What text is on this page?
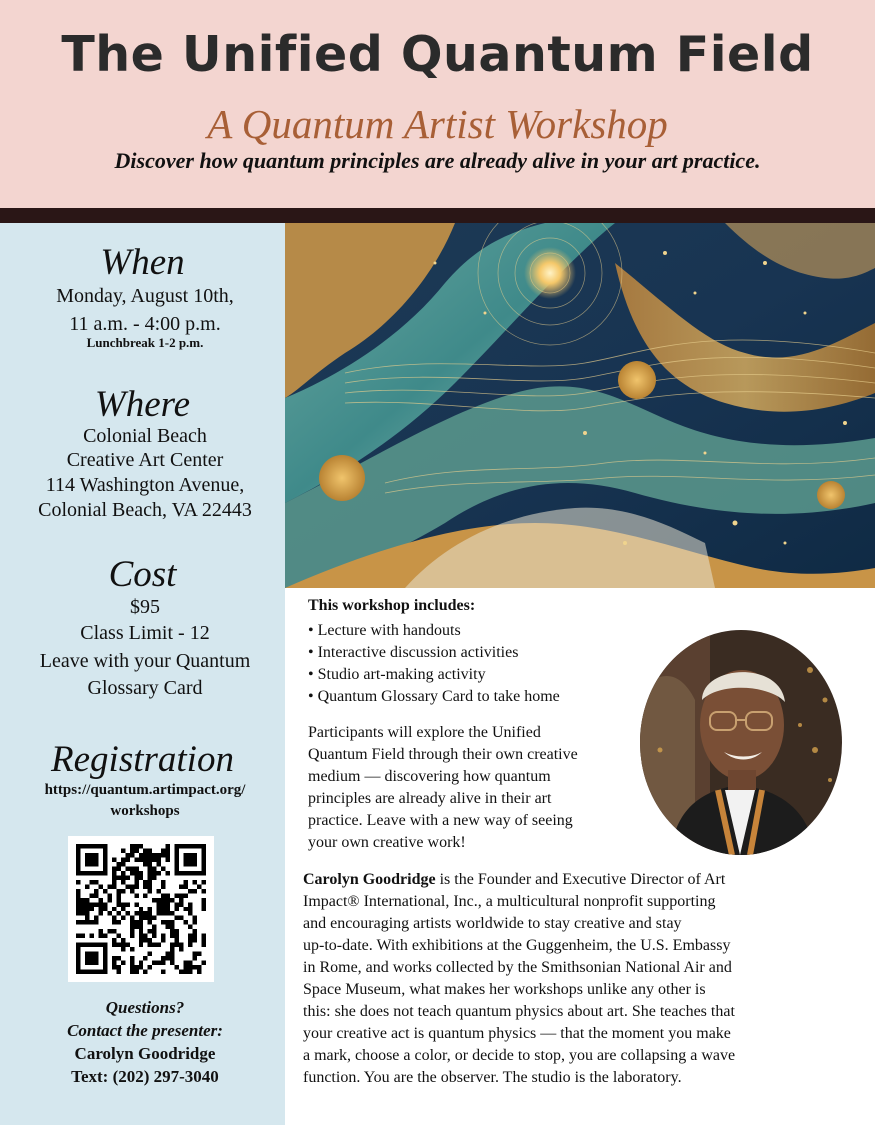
The Unified Quantum Field
A Quantum Artist Workshop
Discover how quantum principles are already alive in your art practice.
When
Monday, August 10th,
11 a.m. - 4:00 p.m.
Lunchbreak 1-2 p.m.
Where
Colonial Beach
Creative Art Center
114 Washington Avenue,
Colonial Beach, VA 22443
Cost
$95
Class Limit - 12
Leave with your Quantum
Glossary Card
Registration
https://quantum.artimpact.org/
workshops
Questions?
Contact the presenter:
Carolyn Goodridge
Text: (202) 297-3040
This workshop includes:
• Lecture with handouts
• Interactive discussion activities
• Studio art-making activity
• Quantum Glossary Card to take home
Participants will explore the Unified
Quantum Field through their own creative
medium — discovering how quantum
principles are already alive in their art
practice. Leave with a new way of seeing
your own creative work!
Carolyn Goodridge is the Founder and Executive Director of Art
Impact® International, Inc., a multicultural nonprofit supporting
and encouraging artists worldwide to stay creative and stay
up-to-date. With exhibitions at the Guggenheim, the U.S. Embassy
in Rome, and works collected by the Smithsonian National Air and
Space Museum, what makes her workshops unlike any other is
this: she does not teach quantum physics about art. She teaches that
your creative act is quantum physics — that the moment you make
a mark, choose a color, or decide to stop, you are collapsing a wave
function. You are the observer. The studio is the laboratory.
